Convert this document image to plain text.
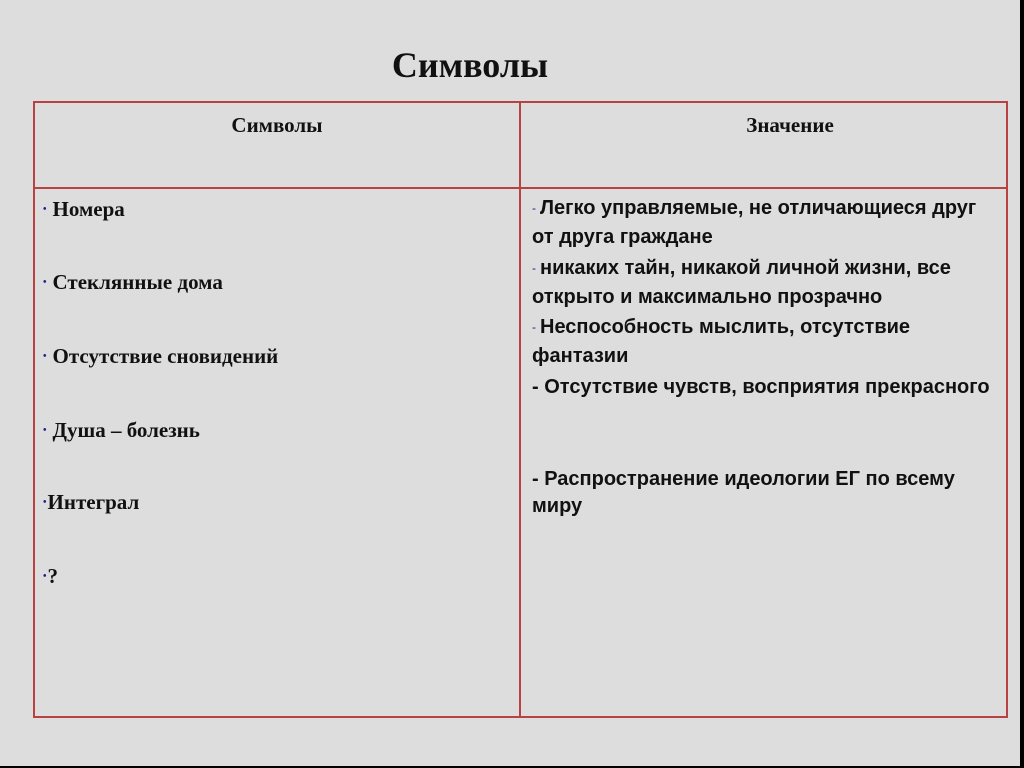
Символы
Символы	Значение
• Номера
• Стеклянные дома
• Отсутствие сновидений
• Душа – болезнь
•Интеграл
•?
- Легко управляемые, не отличающиеся друг от друга граждане
- никаких тайн, никакой личной жизни, все открыто и максимально прозрачно
- Неспособность мыслить, отсутствие фантазии
- Отсутствие чувств, восприятия прекрасного
- Распространение идеологии ЕГ по всему миру
